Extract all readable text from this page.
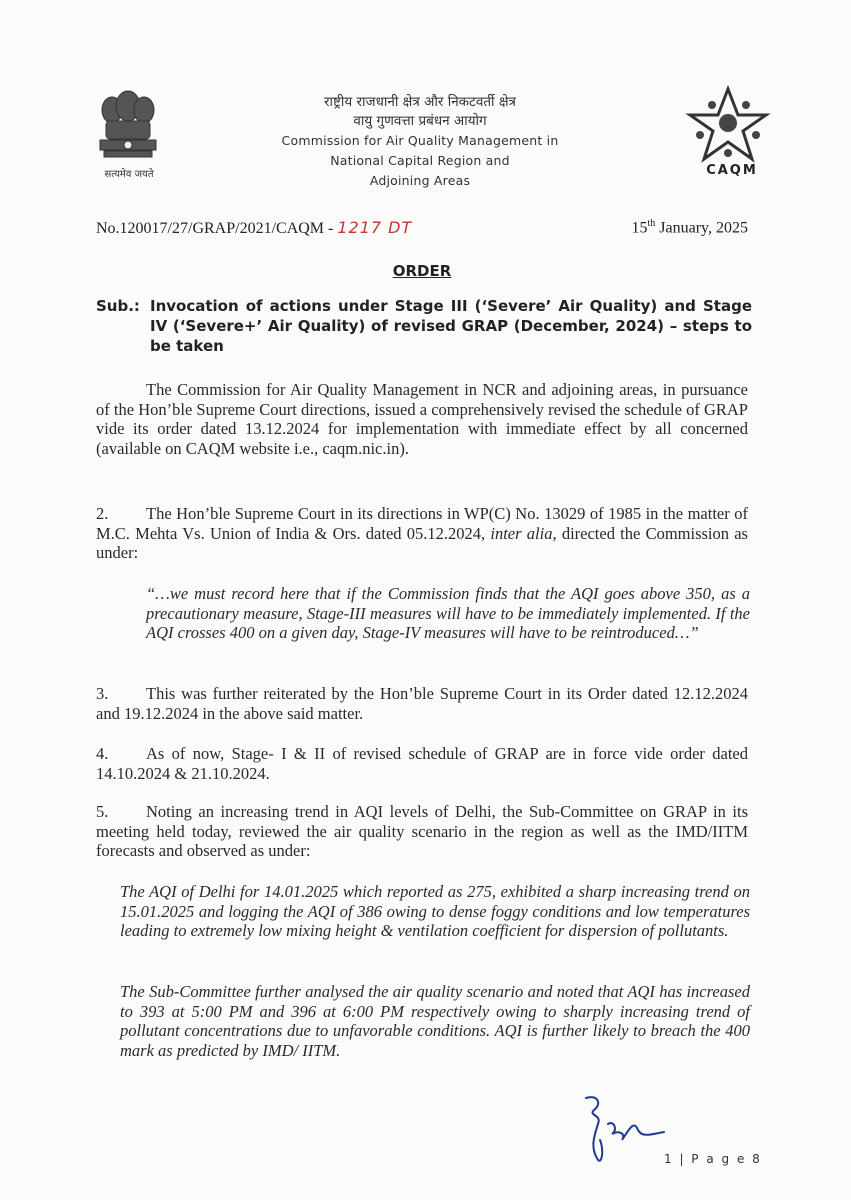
सत्यमेव जयते
राष्ट्रीय राजधानी क्षेत्र और निकटवर्ती क्षेत्र
वायु गुणवत्ता प्रबंधन आयोग
Commission for Air Quality Management in
National Capital Region and
Adjoining Areas
CAQM
No.120017/27/GRAP/2021/CAQM - 1217 DT	15th January, 2025
ORDER
Sub.: Invocation of actions under Stage III (‘Severe’ Air Quality) and Stage IV (‘Severe+’ Air Quality) of revised GRAP (December, 2024) – steps to be taken
The Commission for Air Quality Management in NCR and adjoining areas, in pursuance of the Hon’ble Supreme Court directions, issued a comprehensively revised the schedule of GRAP vide its order dated 13.12.2024 for implementation with immediate effect by all concerned (available on CAQM website i.e., caqm.nic.in).
2. The Hon’ble Supreme Court in its directions in WP(C) No. 13029 of 1985 in the matter of M.C. Mehta Vs. Union of India & Ors. dated 05.12.2024, inter alia, directed the Commission as under:
“…we must record here that if the Commission finds that the AQI goes above 350, as a precautionary measure, Stage-III measures will have to be immediately implemented. If the AQI crosses 400 on a given day, Stage-IV measures will have to be reintroduced…”
3. This was further reiterated by the Hon’ble Supreme Court in its Order dated 12.12.2024 and 19.12.2024 in the above said matter.
4. As of now, Stage- I & II of revised schedule of GRAP are in force vide order dated 14.10.2024 & 21.10.2024.
5. Noting an increasing trend in AQI levels of Delhi, the Sub-Committee on GRAP in its meeting held today, reviewed the air quality scenario in the region as well as the IMD/IITM forecasts and observed as under:
The AQI of Delhi for 14.01.2025 which reported as 275, exhibited a sharp increasing trend on 15.01.2025 and logging the AQI of 386 owing to dense foggy conditions and low temperatures leading to extremely low mixing height & ventilation coefficient for dispersion of pollutants.
The Sub-Committee further analysed the air quality scenario and noted that AQI has increased to 393 at 5:00 PM and 396 at 6:00 PM respectively owing to sharply increasing trend of pollutant concentrations due to unfavorable conditions. AQI is further likely to breach the 400 mark as predicted by IMD/ IITM.
1 | P a g e 8
